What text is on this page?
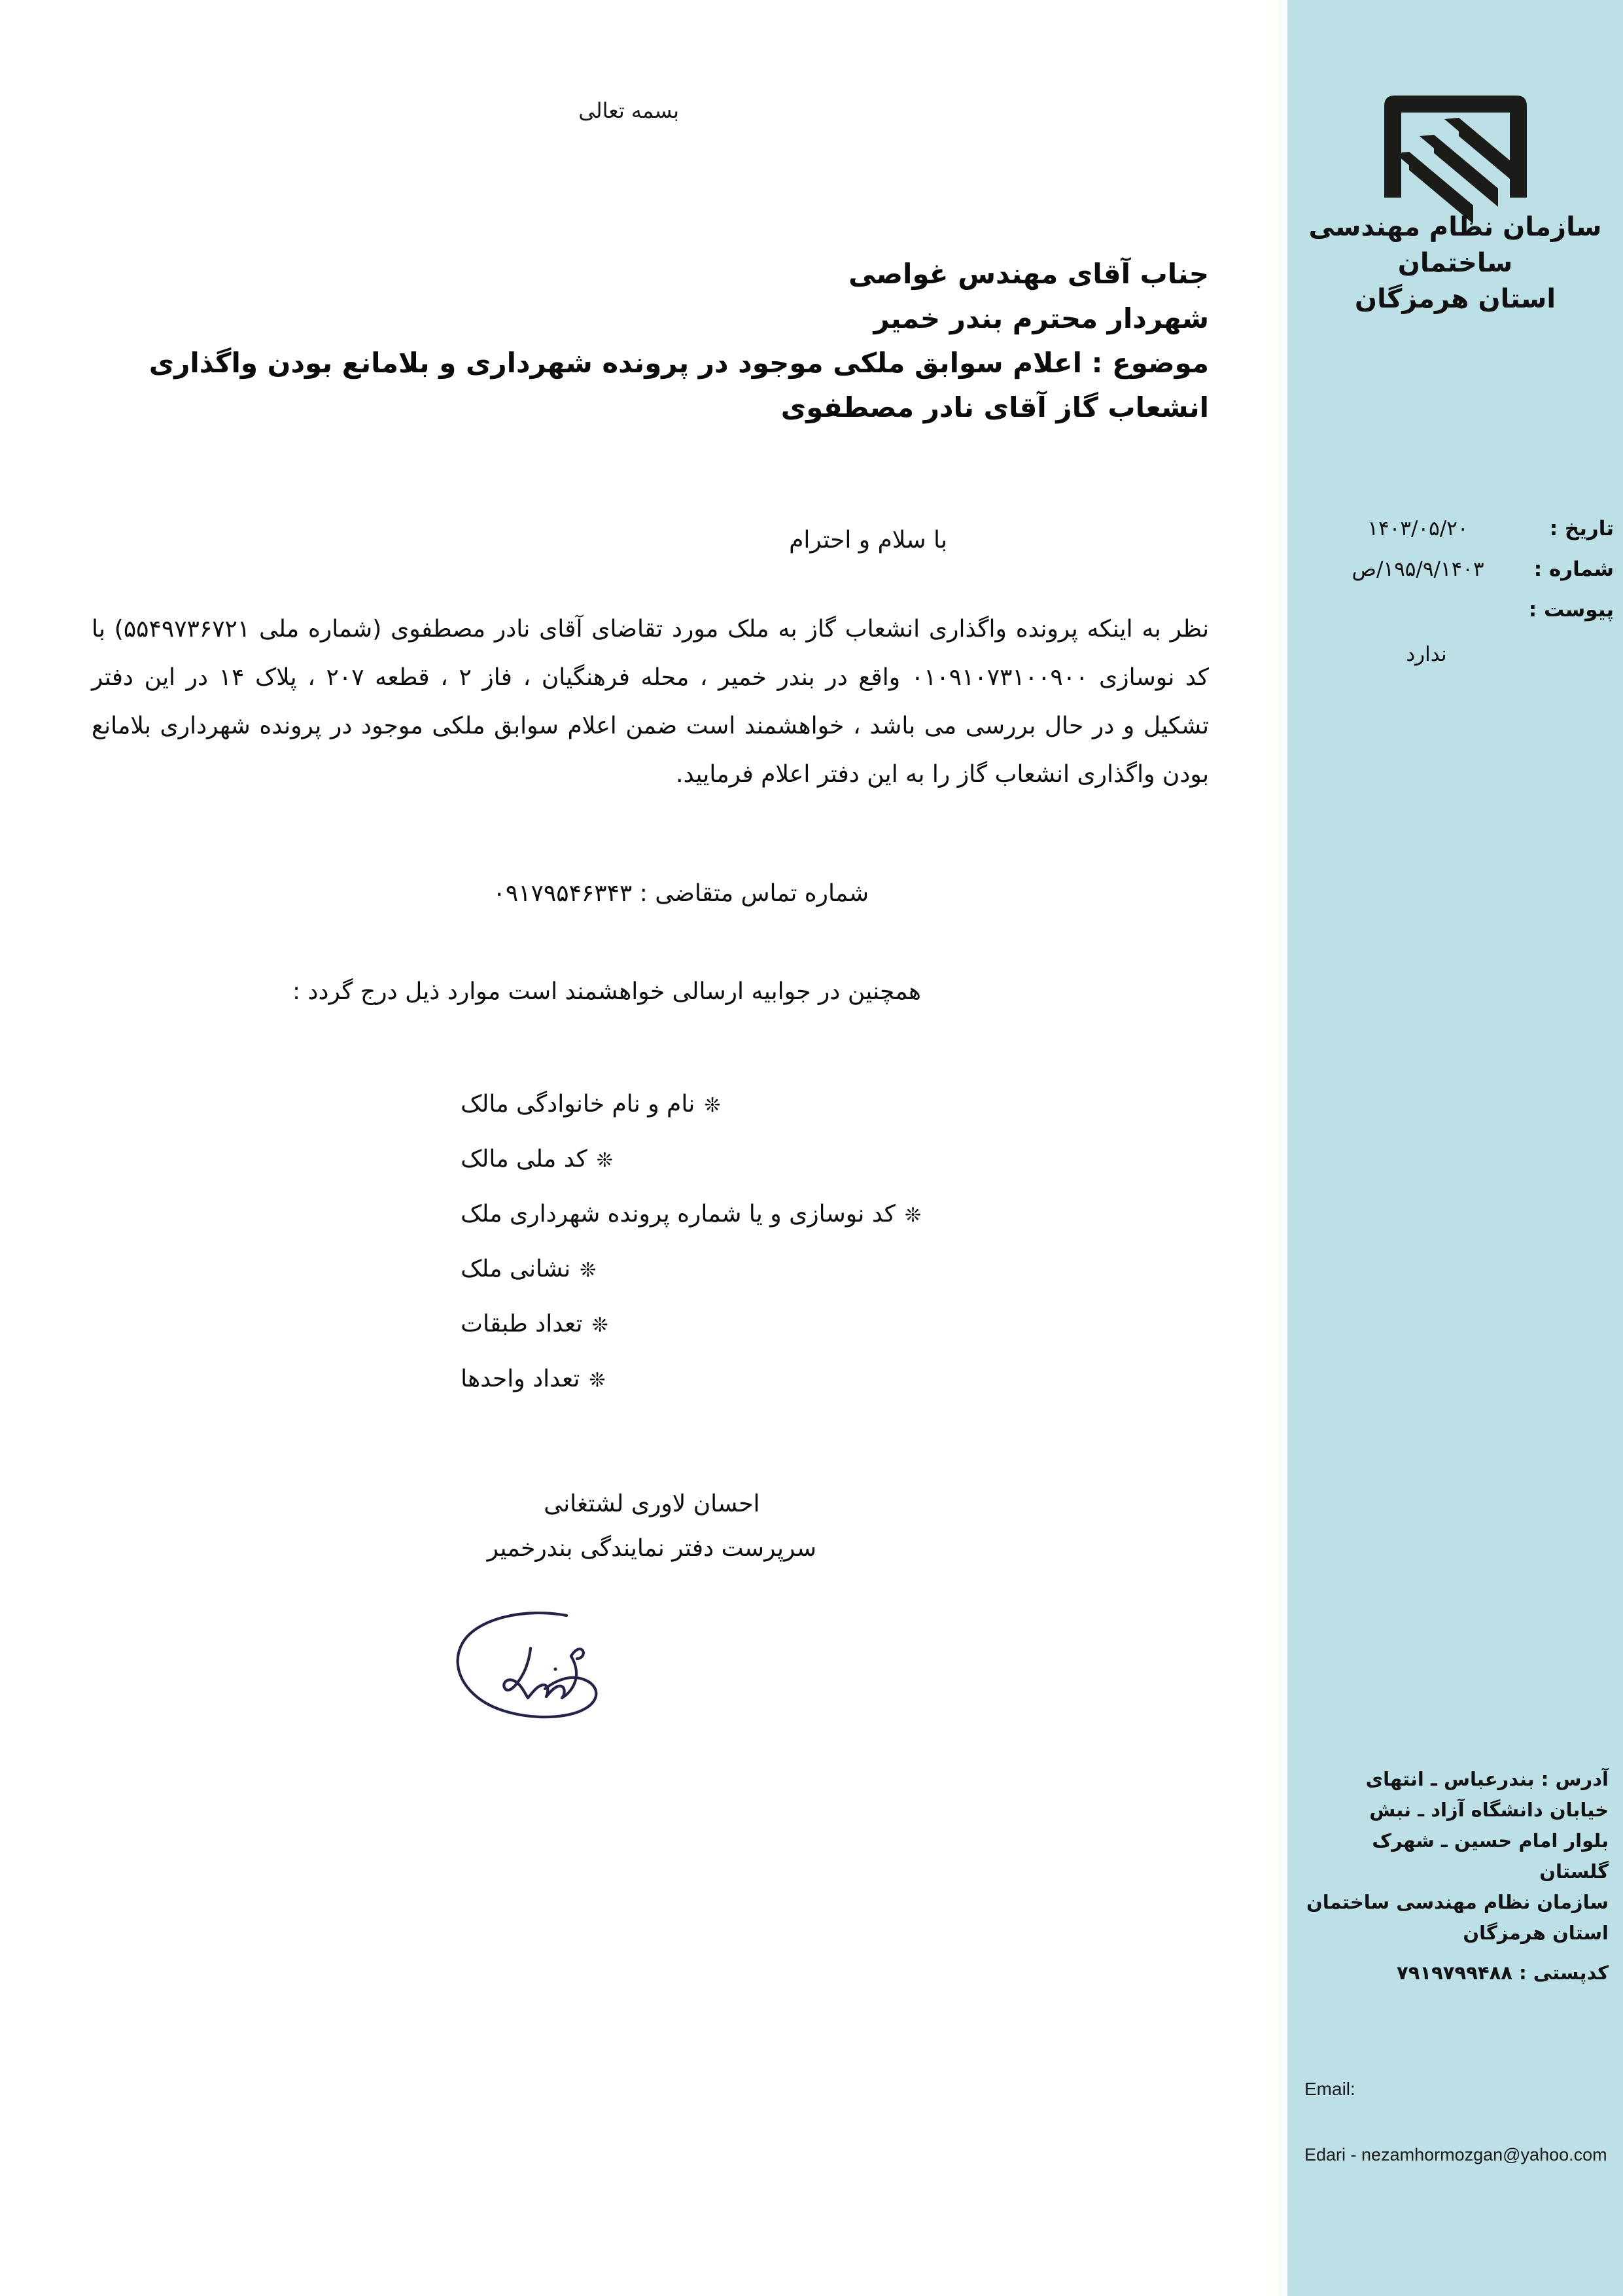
بسمه تعالی
جناب آقای مهندس غواصی
شهردار محترم بندر خمیر
موضوع : اعلام سوابق ملکی موجود در پرونده شهرداری و بلامانع بودن واگذاری انشعاب گاز آقای نادر مصطفوی
با سلام و احترام
نظر به اینکه پرونده واگذاری انشعاب گاز به ملک مورد تقاضای آقای نادر مصطفوی (شماره ملی ۵۵۴۹۷۳۶۷۲۱) با کد نوسازی ۰۱۰۹۱۰۷۳۱۰۰۹۰۰ واقع در بندر خمیر ، محله فرهنگیان ، فاز ۲ ، قطعه ۲۰۷ ، پلاک ۱۴ در این دفتر تشکیل و در حال بررسی می باشد ، خواهشمند است ضمن اعلام سوابق ملکی موجود در پرونده شهرداری بلامانع بودن واگذاری انشعاب گاز را به این دفتر اعلام فرمایید.
شماره تماس متقاضی : ۰۹۱۷۹۵۴۶۳۴۳
همچنین در جوابیه ارسالی خواهشمند است موارد ذیل درج گردد :
❊
نام و نام خانوادگی مالک
❊
کد ملی مالک
❊
کد نوسازی و یا شماره پرونده شهرداری ملک
❊
نشانی ملک
❊
تعداد طبقات
❊
تعداد واحدها
احسان لاوری لشتغانی
سرپرست دفتر نمایندگی بندرخمیر
سازمان نظام مهندسی ساختمان
استان هرمزگان
تاریخ :
۱۴۰۳/۰۵/۲۰
شماره :
۱۹۵/۹/۱۴۰۳/ص
پیوست :
ندارد
آدرس : بندرعباس ـ انتهای
خیابان دانشگاه آزاد ـ نبش
بلوار امام حسین ـ شهرک
گلستان
سازمان نظام مهندسی ساختمان
استان هرمزگان
کدپستی : ۷۹۱۹۷۹۹۴۸۸
Email:
Edari - nezamhormozgan@yahoo.com
